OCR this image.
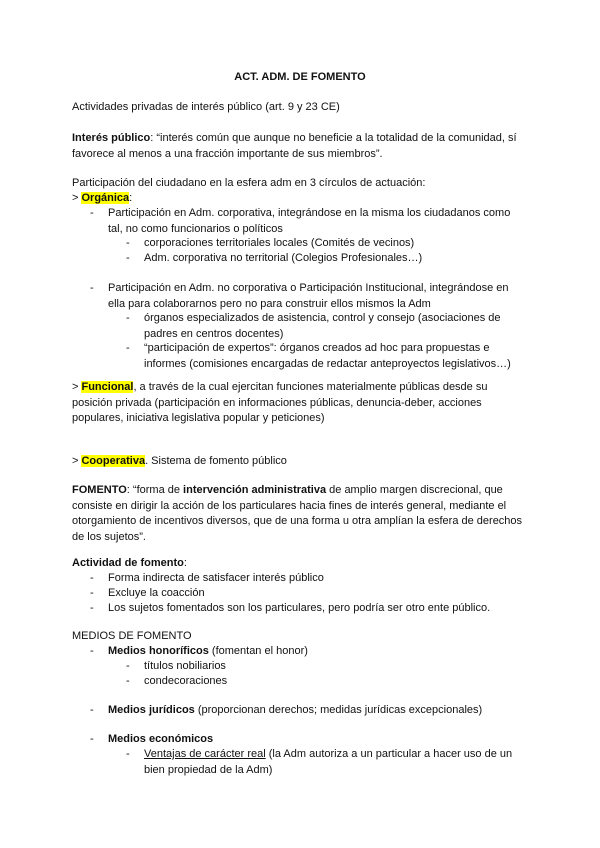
ACT. ADM. DE FOMENTO
Actividades privadas de interés público (art. 9 y 23 CE)
Interés público: “interés común que aunque no beneficie a la totalidad de la comunidad, sí
favorece al menos a una fracción importante de sus miembros”.
Participación del ciudadano en la esfera adm en 3 círculos de actuación:
> Orgánica:
- Participación en Adm. corporativa, integrándose en la misma los ciudadanos como
tal, no como funcionarios o políticos
- corporaciones territoriales locales (Comités de vecinos)
- Adm. corporativa no territorial (Colegios Profesionales…)
- Participación en Adm. no corporativa o Participación Institucional, integrándose en
ella para colaborarnos pero no para construir ellos mismos la Adm
- órganos especializados de asistencia, control y consejo (asociaciones de
padres en centros docentes)
- “participación de expertos”: órganos creados ad hoc para propuestas e
informes (comisiones encargadas de redactar anteproyectos legislativos…)
> Funcional, a través de la cual ejercitan funciones materialmente públicas desde su
posición privada (participación en informaciones públicas, denuncia-deber, acciones
populares, iniciativa legislativa popular y peticiones)
> Cooperativa. Sistema de fomento público
FOMENTO: “forma de intervención administrativa de amplio margen discrecional, que
consiste en dirigir la acción de los particulares hacia fines de interés general, mediante el
otorgamiento de incentivos diversos, que de una forma u otra amplían la esfera de derechos
de los sujetos”.
Actividad de fomento:
- Forma indirecta de satisfacer interés público
- Excluye la coacción
- Los sujetos fomentados son los particulares, pero podría ser otro ente público.
MEDIOS DE FOMENTO
- Medios honoríficos (fomentan el honor)
- títulos nobiliarios
- condecoraciones
- Medios jurídicos (proporcionan derechos; medidas jurídicas excepcionales)
- Medios económicos
- Ventajas de carácter real (la Adm autoriza a un particular a hacer uso de un
bien propiedad de la Adm)
